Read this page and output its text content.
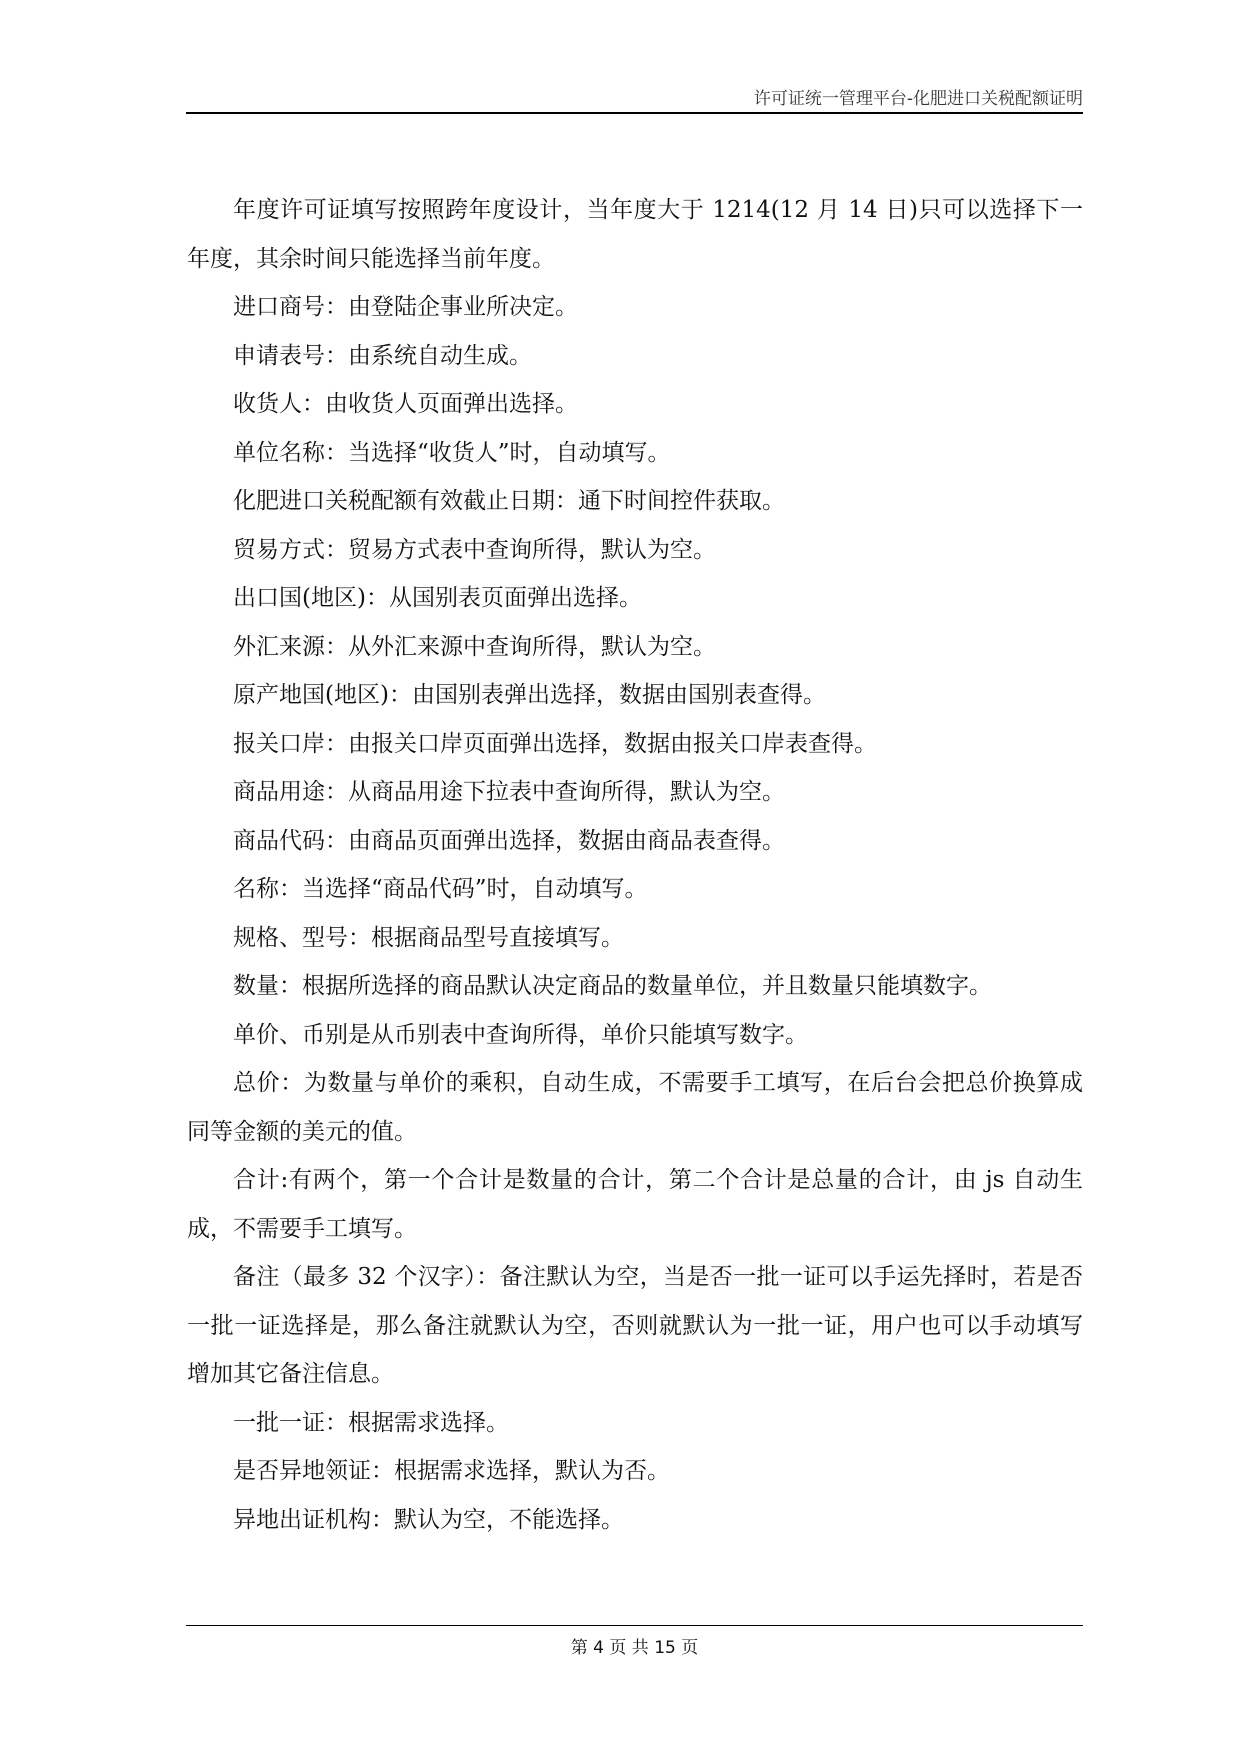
许可证统一管理平台-化肥进口关税配额证明

年度许可证填写按照跨年度设计，当年度大于 1214(12 月 14 日)只可以选择下一年度，其余时间只能选择当前年度。

进口商号：由登陆企事业所决定。

申请表号：由系统自动生成。

收货人：由收货人页面弹出选择。

单位名称：当选择“收货人”时，自动填写。

化肥进口关税配额有效截止日期：通下时间控件获取。

贸易方式：贸易方式表中查询所得，默认为空。

出口国(地区)：从国别表页面弹出选择。

外汇来源：从外汇来源中查询所得，默认为空。

原产地国(地区)：由国别表弹出选择，数据由国别表查得。

报关口岸：由报关口岸页面弹出选择，数据由报关口岸表查得。

商品用途：从商品用途下拉表中查询所得，默认为空。

商品代码：由商品页面弹出选择，数据由商品表查得。

名称：当选择“商品代码”时，自动填写。

规格、型号：根据商品型号直接填写。

数量：根据所选择的商品默认决定商品的数量单位，并且数量只能填数字。

单价、币别是从币别表中查询所得，单价只能填写数字。

总价：为数量与单价的乘积，自动生成，不需要手工填写，在后台会把总价换算成同等金额的美元的值。

合计:有两个，第一个合计是数量的合计，第二个合计是总量的合计，由 js 自动生成，不需要手工填写。

备注（最多 32 个汉字）：备注默认为空，当是否一批一证可以手运先择时，若是否一批一证选择是，那么备注就默认为空，否则就默认为一批一证，用户也可以手动填写增加其它备注信息。

一批一证：根据需求选择。

是否异地领证：根据需求选择，默认为否。

异地出证机构：默认为空，不能选择。

第 4 页 共 15 页
